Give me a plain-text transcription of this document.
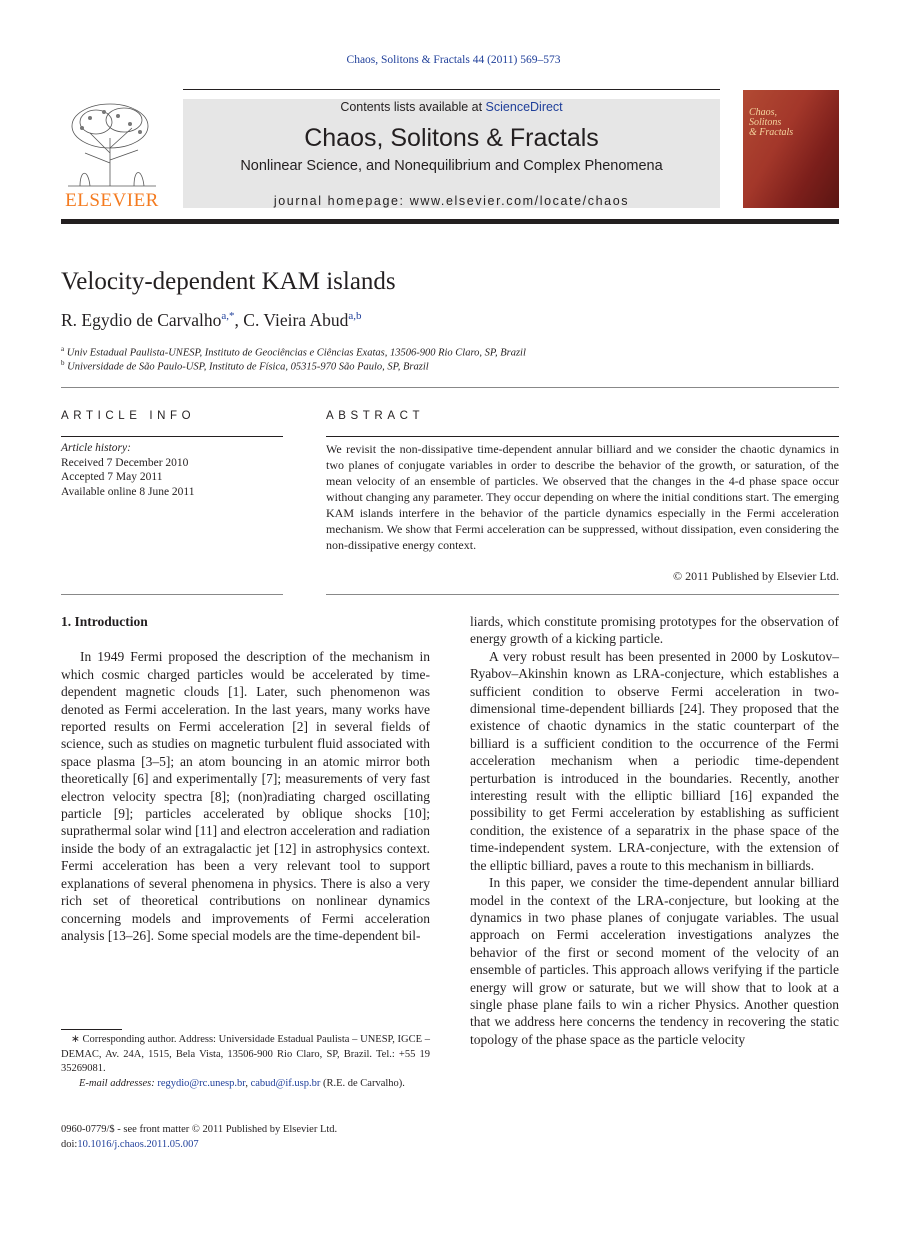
Chaos, Solitons & Fractals 44 (2011) 569–573
ELSEVIER
Contents lists available at ScienceDirect
Chaos, Solitons & Fractals
Nonlinear Science, and Nonequilibrium and Complex Phenomena
journal homepage: www.elsevier.com/locate/chaos
Chaos,
Solitons
& Fractals
Velocity-dependent KAM islands
R. Egydio de Carvalho$^{a,*}$, C. Vieira Abud$^{a,b}$
$^a$ Univ Estadual Paulista-UNESP, Instituto de Geociências e Ciências Exatas, 13506-900 Rio Claro, SP, Brazil
$^b$ Universidade de São Paulo-USP, Instituto de Física, 05315-970 São Paulo, SP, Brazil
ARTICLE INFO
Article history:
Received 7 December 2010
Accepted 7 May 2011
Available online 8 June 2011
ABSTRACT
We revisit the non-dissipative time-dependent annular billiard and we consider the chaotic dynamics in two planes of conjugate variables in order to describe the behavior of the growth, or saturation, of the mean velocity of an ensemble of particles. We observed that the changes in the 4-d phase space occur without changing any parameter. They occur depending on where the initial conditions start. The emerging KAM islands interfere in the behavior of the particle dynamics especially in the Fermi acceleration mechanism. We show that Fermi acceleration can be suppressed, without dissipation, even considering the non-dissipative energy context.
© 2011 Published by Elsevier Ltd.

1. Introduction

In 1949 Fermi proposed the description of the mechanism in which cosmic charged particles would be accelerated by time-dependent magnetic clouds [1]. Later, such phenomenon was denoted as Fermi acceleration. In the last years, many works have reported results on Fermi acceleration [2] in several fields of science, such as studies on magnetic turbulent fluid associated with space plasma [3–5]; an atom bouncing in an atomic mirror both theoretically [6] and experimentally [7]; measurements of very fast electron velocity spectra [8]; (non)radiating charged oscillating particle [9]; particles accelerated by oblique shocks [10]; suprathermal solar wind [11] and electron acceleration and radiation inside the body of an extragalactic jet [12] in astrophysics context. Fermi acceleration has been a very relevant tool to support explanations of several phenomena in physics. There is also a very rich set of theoretical contributions on nonlinear dynamics concerning models and improvements of Fermi acceleration analysis [13–26]. Some special models are the time-dependent bil-

liards, which constitute promising prototypes for the observation of energy growth of a kicking particle.

A very robust result has been presented in 2000 by Loskutov–Ryabov–Akinshin known as LRA-conjecture, which establishes a sufficient condition to observe Fermi acceleration in two-dimensional time-dependent billiards [24]. They proposed that the existence of chaotic dynamics in the static counterpart of the billiard is a sufficient condition to the occurrence of the Fermi acceleration mechanism when a periodic time-dependent perturbation is introduced in the boundaries. Recently, another interesting result with the elliptic billiard [16] expanded the possibility to get Fermi acceleration by establishing as sufficient condition, the existence of a separatrix in the phase space of the time-independent system. LRA-conjecture, with the extension of the elliptic billiard, paves a route to this mechanism in billiards.

In this paper, we consider the time-dependent annular billiard model in the context of the LRA-conjecture, but looking at the dynamics in two phase planes of conjugate variables. The usual approach on Fermi acceleration investigations analyzes the behavior of the first or second moment of the velocity of an ensemble of particles. This approach allows verifying if the particle energy will grow or saturate, but we will show that to look at a single phase plane fails to win a richer Physics. Another question that we address here concerns the tendency in recovering the static topology of the phase space as the particle velocity

∗ Corresponding author. Address: Universidade Estadual Paulista – UNESP, IGCE – DEMAC, Av. 24A, 1515, Bela Vista, 13506-900 Rio Claro, SP, Brazil. Tel.: +55 19 35269081.
E-mail addresses: regydio@rc.unesp.br, cabud@if.usp.br (R.E. de Carvalho).
0960-0779/$ - see front matter © 2011 Published by Elsevier Ltd.
doi:10.1016/j.chaos.2011.05.007
